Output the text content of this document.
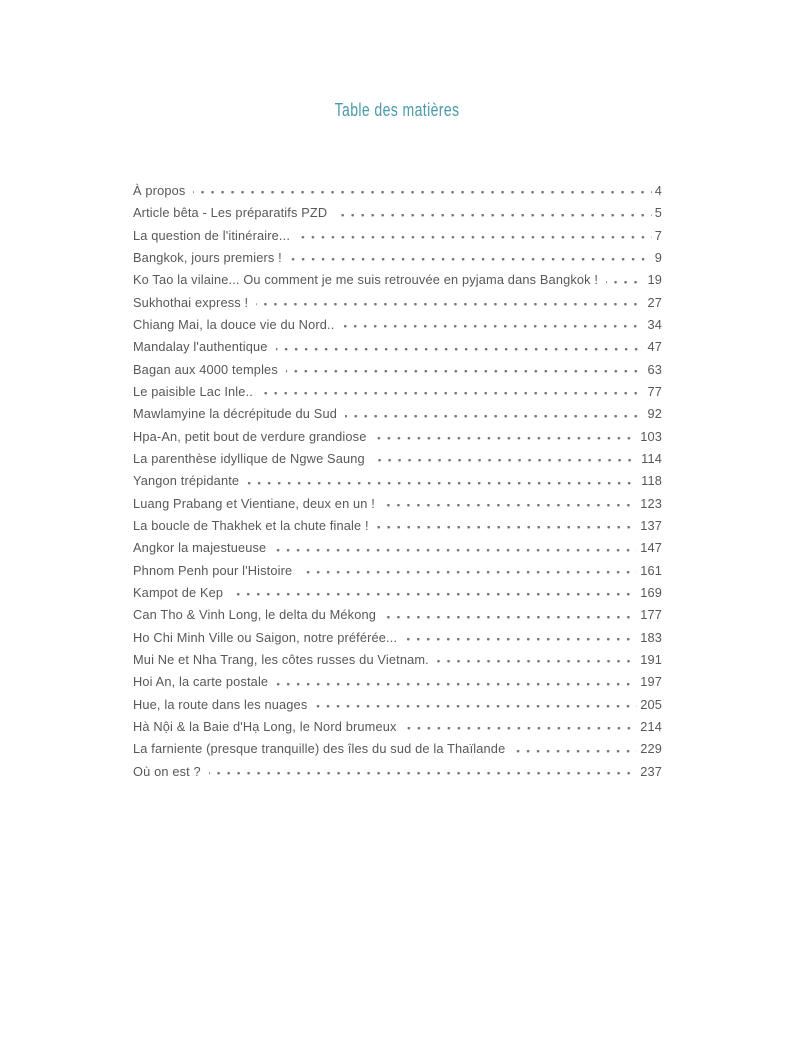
Table des matières
À propos	4
Article bêta - Les préparatifs PZD	5
La question de l'itinéraire...	7
Bangkok, jours premiers !	9
Ko Tao la vilaine... Ou comment je me suis retrouvée en pyjama dans Bangkok !	19
Sukhothai express !	27
Chiang Mai, la douce vie du Nord..	34
Mandalay l'authentique	47
Bagan aux 4000 temples	63
Le paisible Lac Inle..	77
Mawlamyine la décrépitude du Sud	92
Hpa-An, petit bout de verdure grandiose	103
La parenthèse idyllique de Ngwe Saung	114
Yangon trépidante	118
Luang Prabang et Vientiane, deux en un !	123
La boucle de Thakhek et la chute finale !	137
Angkor la majestueuse	147
Phnom Penh pour l'Histoire	161
Kampot de Kep	169
Can Tho & Vinh Long, le delta du Mékong	177
Ho Chi Minh Ville ou Saigon, notre préférée...	183
Mui Ne et Nha Trang, les côtes russes du Vietnam.	191
Hoi An, la carte postale	197
Hue, la route dans les nuages	205
Hà Nội & la Baie d'Hạ Long, le Nord brumeux	214
La farniente (presque tranquille) des îles du sud de la Thaïlande	229
Où on est ?	237
